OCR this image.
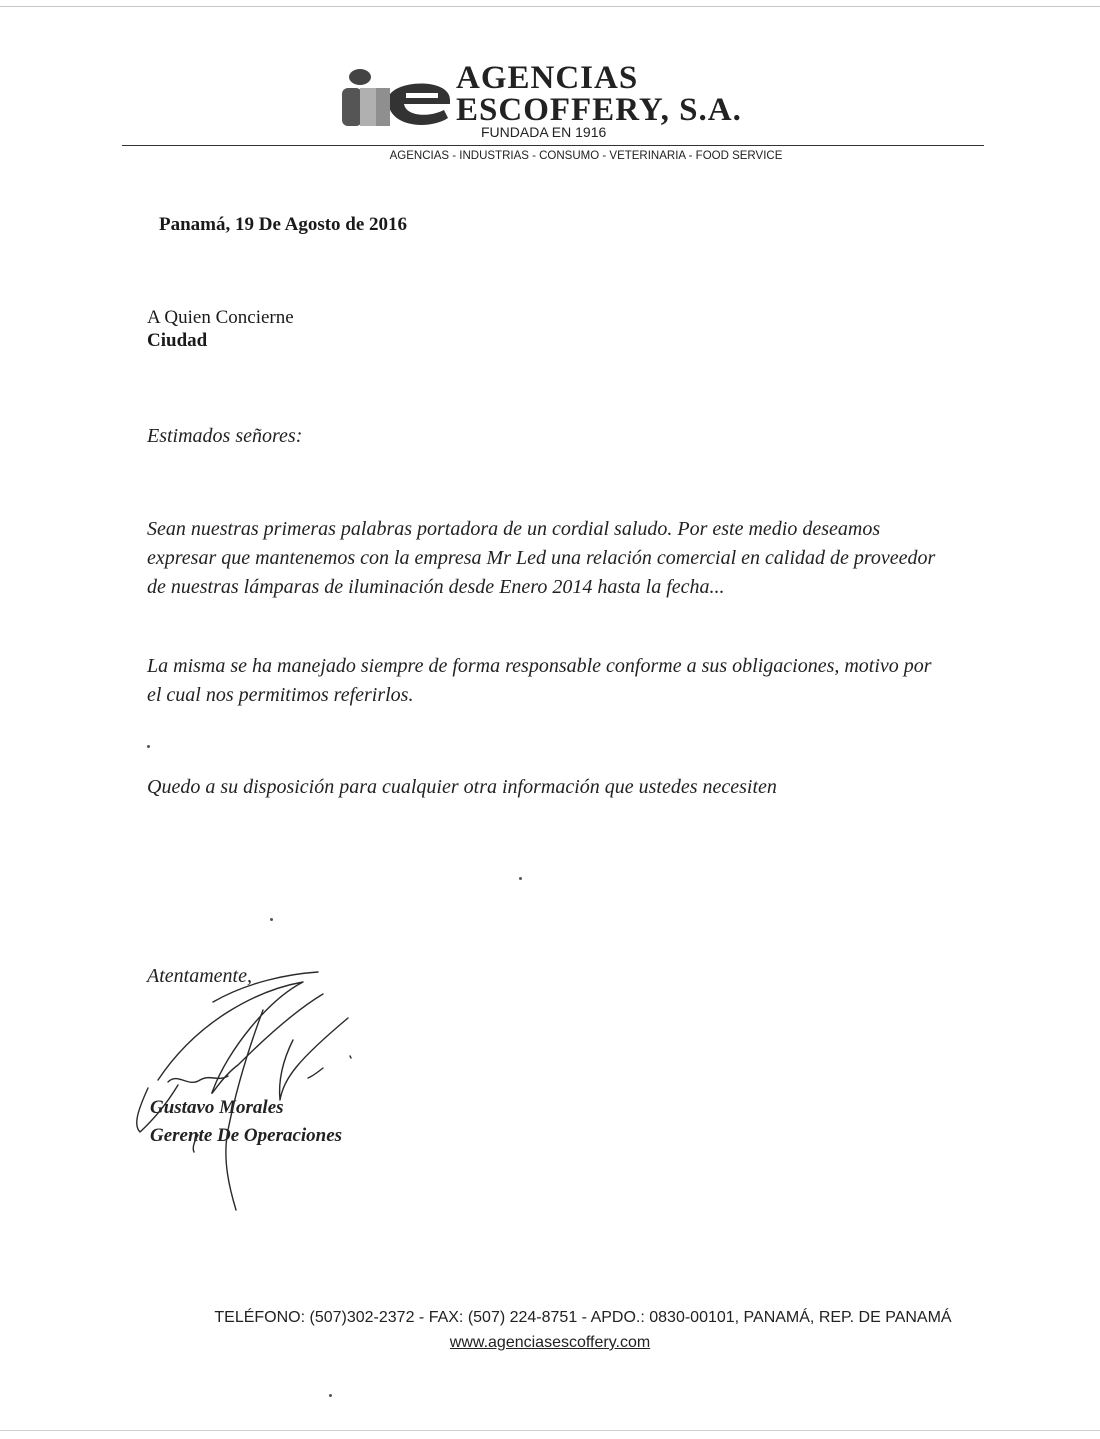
AGENCIAS
ESCOFFERY, S.A.
FUNDADA EN 1916
AGENCIAS - INDUSTRIAS - CONSUMO - VETERINARIA - FOOD SERVICE
Panamá, 19 De Agosto de 2016
A Quien Concierne
Ciudad
Estimados señores:

Sean nuestras primeras palabras portadora de un cordial saludo. Por este medio deseamos expresar que mantenemos con la empresa Mr Led una relación comercial en calidad de proveedor de nuestras lámparas de iluminación desde Enero 2014 hasta la fecha...

La misma se ha manejado siempre de forma responsable conforme a sus obligaciones, motivo por el cual nos permitimos referirlos.

Quedo a su disposición para cualquier otra información que ustedes necesiten
Atentamente,
Gustavo Morales
Gerente De Operaciones
TELÉFONO: (507)302-2372 - FAX: (507) 224-8751 - APDO.: 0830-00101, PANAMÁ, REP. DE PANAMÁ
www.agenciasescoffery.com
